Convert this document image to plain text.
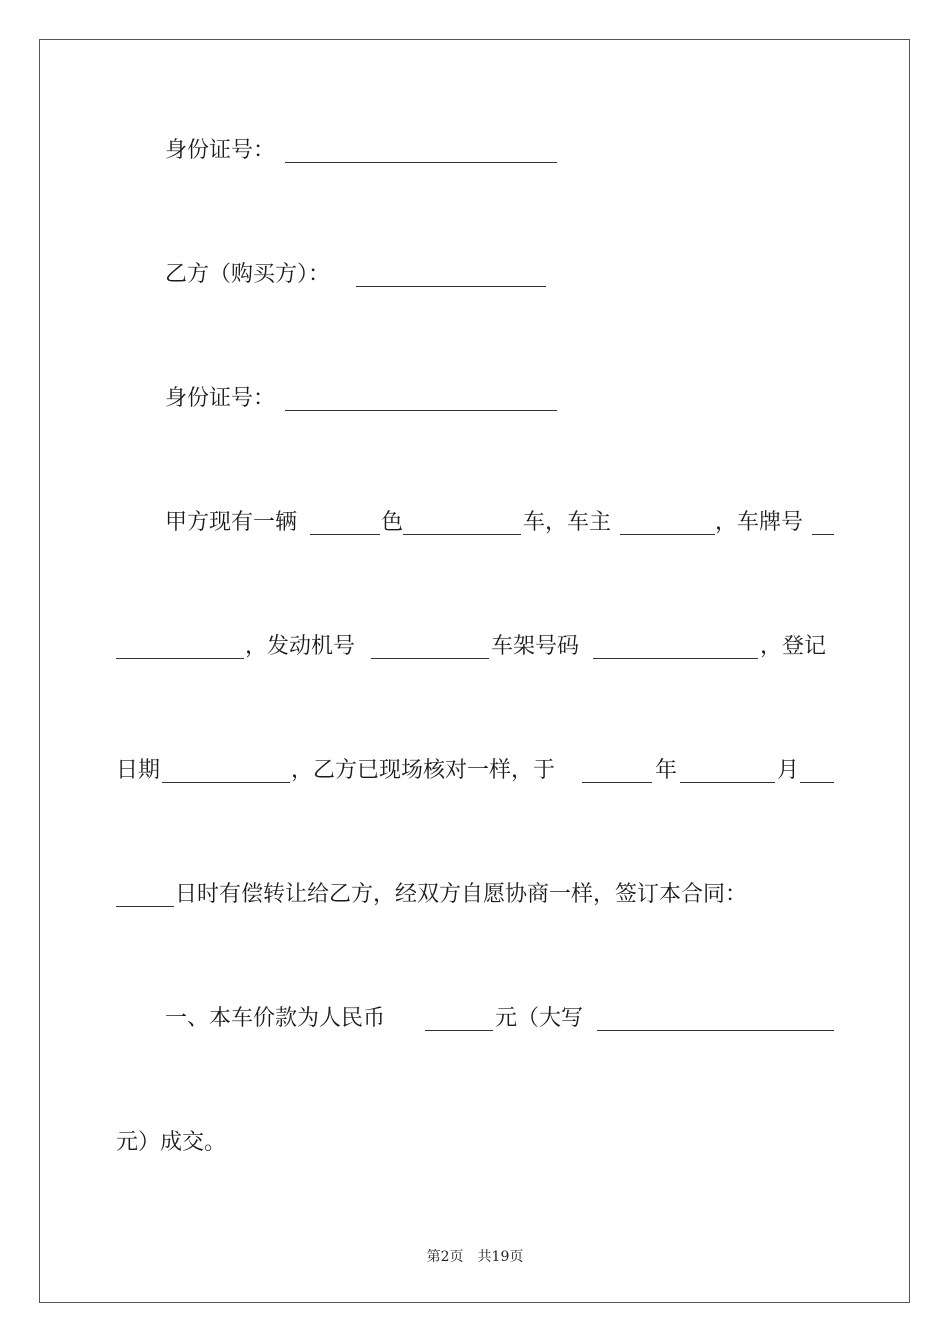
身份证号：

乙方（购买方）：

身份证号：

甲方现有一辆

	色

	车，车主

	，车牌号

，发动机号

	车架号码

	，登记

日期

	，乙方已现场核对一样，于

	年

	月

日时有偿转让给乙方，经双方自愿协商一样，签订本合同：

一、本车价款为人民币

	元（大写

元）成交。

第2页 共19页
